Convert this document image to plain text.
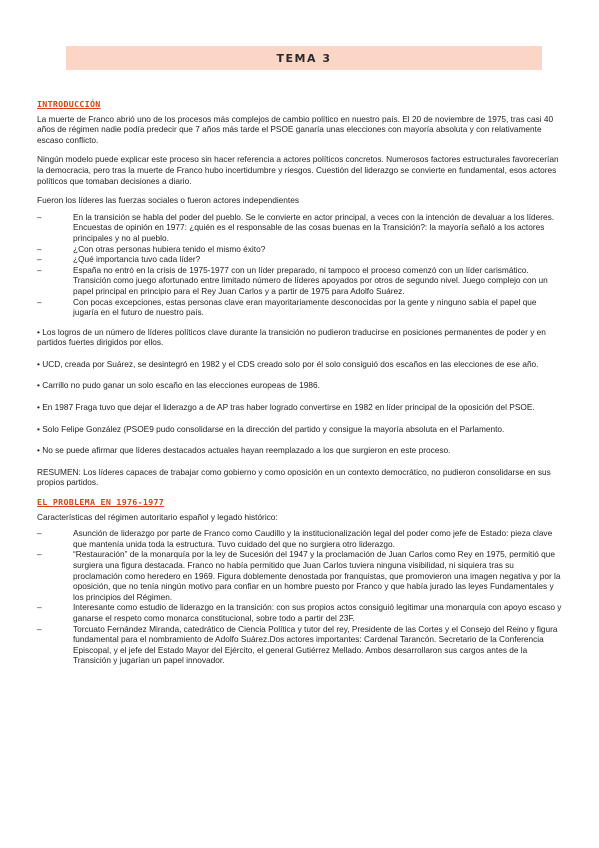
TEMA 3
INTRODUCCIÓN

La muerte de Franco abrió uno de los procesos más complejos de cambio político en nuestro país. El 20 de noviembre de 1975, tras casi 40 años de régimen nadie podía predecir que 7 años más tarde el PSOE ganaría unas elecciones con mayoría absoluta y con relativamente escaso conflicto.

Ningún modelo puede explicar este proceso sin hacer referencia a actores políticos concretos. Numerosos factores estructurales favorecerían la democracia, pero tras la muerte de Franco hubo incertidumbre y riesgos. Cuestión del liderazgo se convierte en fundamental, esos actores políticos que tomaban decisiones a diario.

Fueron los líderes las fuerzas sociales o fueron actores independientes

– En la transición se habla del poder del pueblo. Se le convierte en actor principal, a veces con la intención de devaluar a los líderes. Encuestas de opinión en 1977: ¿quién es el responsable de las cosas buenas en la Transición?: la mayoría señaló a los actores principales y no al pueblo.
– ¿Con otras personas hubiera tenido el mismo éxito?
– ¿Qué importancia tuvo cada líder?
– España no entró en la crisis de 1975-1977 con un líder preparado, ni tampoco el proceso comenzó con un líder carismático. Transición como juego afortunado entre limitado número de líderes apoyados por otros de segundo nivel. Juego complejo con un papel principal en principio para el Rey Juan Carlos y a partir de 1975 para Adolfo Suárez.
– Con pocas excepciones, estas personas clave eran mayoritariamente desconocidas por la gente y ninguno sabía el papel que jugaría en el futuro de nuestro país.
• Los logros de un número de líderes políticos clave durante la transición no pudieron traducirse en posiciones permanentes de poder y en partidos fuertes dirigidos por ellos.
• UCD, creada por Suárez, se desintegró en 1982 y el CDS creado solo por él solo consiguió dos escaños en las elecciones de ese año.
• Carrillo no pudo ganar un solo escaño en las elecciones europeas de 1986.
• En 1987 Fraga tuvo que dejar el liderazgo a de AP tras haber logrado convertirse en 1982 en líder principal de la oposición del PSOE.
• Solo Felipe González (PSOE9 pudo consolidarse en la dirección del partido y consigue la mayoría absoluta en el Parlamento.
• No se puede afirmar que líderes destacados actuales hayan reemplazado a los que surgieron en este proceso.

RESUMEN: Los líderes capaces de trabajar como gobierno y como oposición en un contexto democrático, no pudieron consolidarse en sus propios partidos.

EL PROBLEMA EN 1976-1977

Características del régimen autoritario español y legado histórico:

– Asunción de liderazgo por parte de Franco como Caudillo y la institucionalización legal del poder como jefe de Estado: pieza clave que mantenía unida toda la estructura. Tuvo cuidado del que no surgiera otro liderazgo.
– “Restauración” de la monarquía por la ley de Sucesión del 1947 y la proclamación de Juan Carlos como Rey en 1975, permitió que surgiera una figura destacada. Franco no había permitido que Juan Carlos tuviera ninguna visibilidad, ni siquiera tras su proclamación como heredero en 1969. Figura doblemente denostada por franquistas, que promovieron una imagen negativa y por la oposición, que no tenía ningún motivo para confiar en un hombre puesto por Franco y que había jurado las leyes Fundamentales y los principios del Régimen.
– Interesante como estudio de liderazgo en la transición: con sus propios actos consiguió legitimar una monarquía con apoyo escaso y ganarse el respeto como monarca constitucional, sobre todo a partir del 23F.
– Torcuato Fernández Miranda, catedrático de Ciencia Política y tutor del rey, Presidente de las Cortes y el Consejo del Reino y figura fundamental para el nombramiento de Adolfo Suárez.Dos actores importantes: Cardenal Tarancón. Secretario de la Conferencia Episcopal, y el jefe del Estado Mayor del Ejército, el general Gutiérrez Mellado. Ambos desarrollaron sus cargos antes de la Transición y jugarían un papel innovador.
